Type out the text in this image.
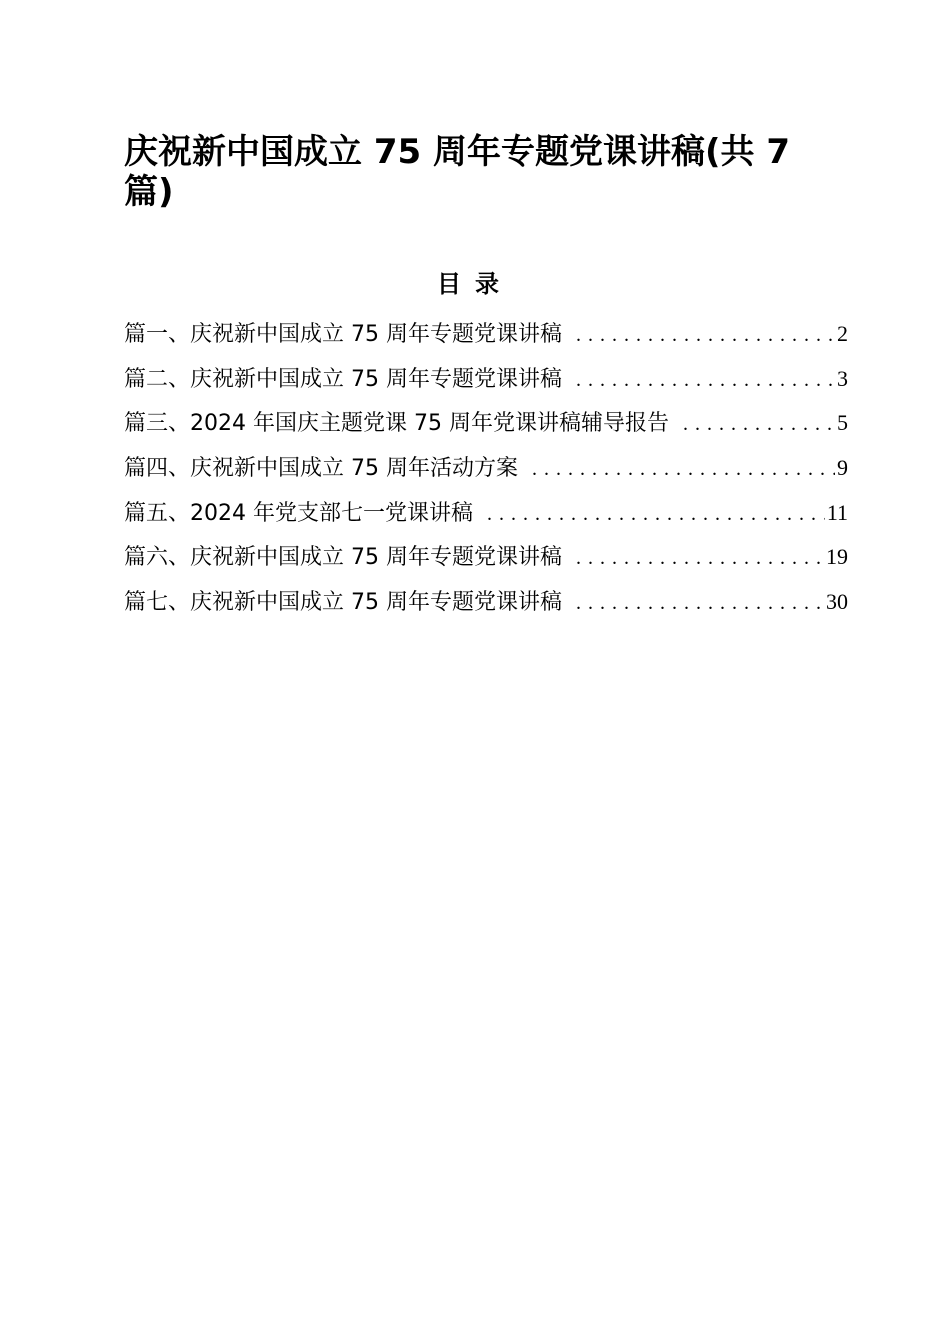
庆祝新中国成立 75 周年专题党课讲稿(共 7 篇)
目录
篇一、庆祝新中国成立 75 周年专题党课讲稿 . . .	2
篇二、庆祝新中国成立 75 周年专题党课讲稿 . . .	3
篇三、2024 年国庆主题党课 75 周年党课讲稿辅导报告 . . .	5
篇四、庆祝新中国成立 75 周年活动方案 . . .	9
篇五、2024 年党支部七一党课讲稿 . . .	11
篇六、庆祝新中国成立 75 周年专题党课讲稿 . . .	19
篇七、庆祝新中国成立 75 周年专题党课讲稿 . . .	30
